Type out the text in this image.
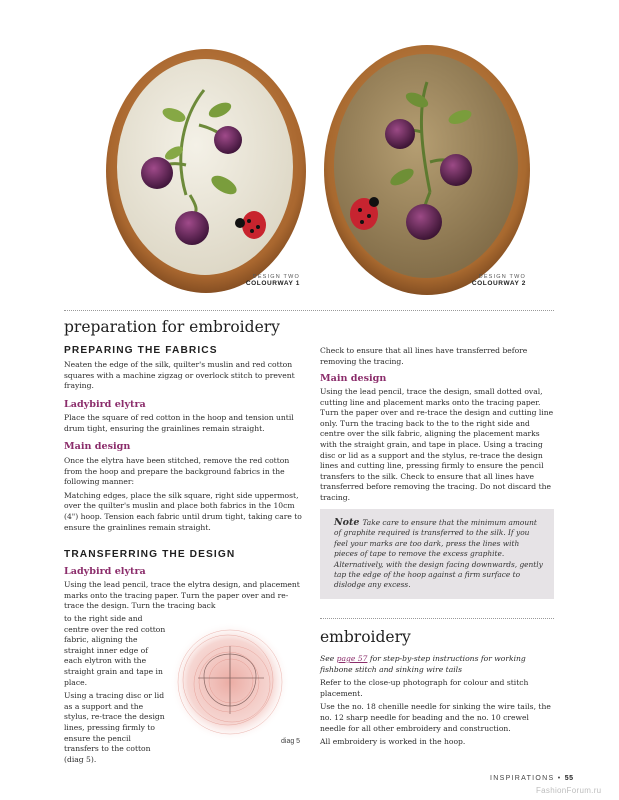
DESIGN TWO
COLOURWAY 1
DESIGN TWO
COLOURWAY 2
preparation for embroidery
PREPARING THE FABRICS

Neaten the edge of the silk, quilter's muslin and red cotton squares with a machine zigzag or overlock stitch to prevent fraying.

Ladybird elytra

Place the square of red cotton in the hoop and tension until drum tight, ensuring the grainlines remain straight.

Main design

Once the elytra have been stitched, remove the red cotton from the hoop and prepare the background fabrics in the following manner:

Matching edges, place the silk square, right side uppermost, over the quilter's muslin and place both fabrics in the 10cm (4") hoop. Tension each fabric until drum tight, taking care to ensure the grainlines remain straight.

TRANSFERRING THE DESIGN
Ladybird elytra

Using the lead pencil, trace the elytra design, and placement marks onto the tracing paper. Turn the paper over and re-trace the design. Turn the tracing back

to the right side and centre over the red cotton fabric, aligning the straight inner edge of each elytron with the straight grain and tape in place.

Using a tracing disc or lid as a support and the stylus, re-trace the design lines, pressing firmly to ensure the pencil transfers to the cotton (diag 5).

diag 5

Check to ensure that all lines have transferred before removing the tracing.

Main design

Using the lead pencil, trace the design, small dotted oval, cutting line and placement marks onto the tracing paper. Turn the paper over and re-trace the design and cutting line only. Turn the tracing back to the to the right side and centre over the silk fabric, aligning the placement marks with the straight grain, and tape in place. Using a tracing disc or lid as a support and the stylus, re-trace the design lines and cutting line, pressing firmly to ensure the pencil transfers to the silk. Check to ensure that all lines have transferred before removing the tracing. Do not discard the tracing.

Note Take care to ensure that the minimum amount of graphite required is transferred to the silk. If you feel your marks are too dark, press the lines with pieces of tape to remove the excess graphite. Alternatively, with the design facing downwards, gently tap the edge of the hoop against a firm surface to dislodge any excess.
embroidery

See page 57 for step-by-step instructions for working fishbone stitch and sinking wire tails

Refer to the close-up photograph for colour and stitch placement.

Use the no. 18 chenille needle for sinking the wire tails, the no. 12 sharp needle for beading and the no. 10 crewel needle for all other embroidery and construction.

All embroidery is worked in the hoop.

INSPIRATIONS • 55
FashionForum.ru
